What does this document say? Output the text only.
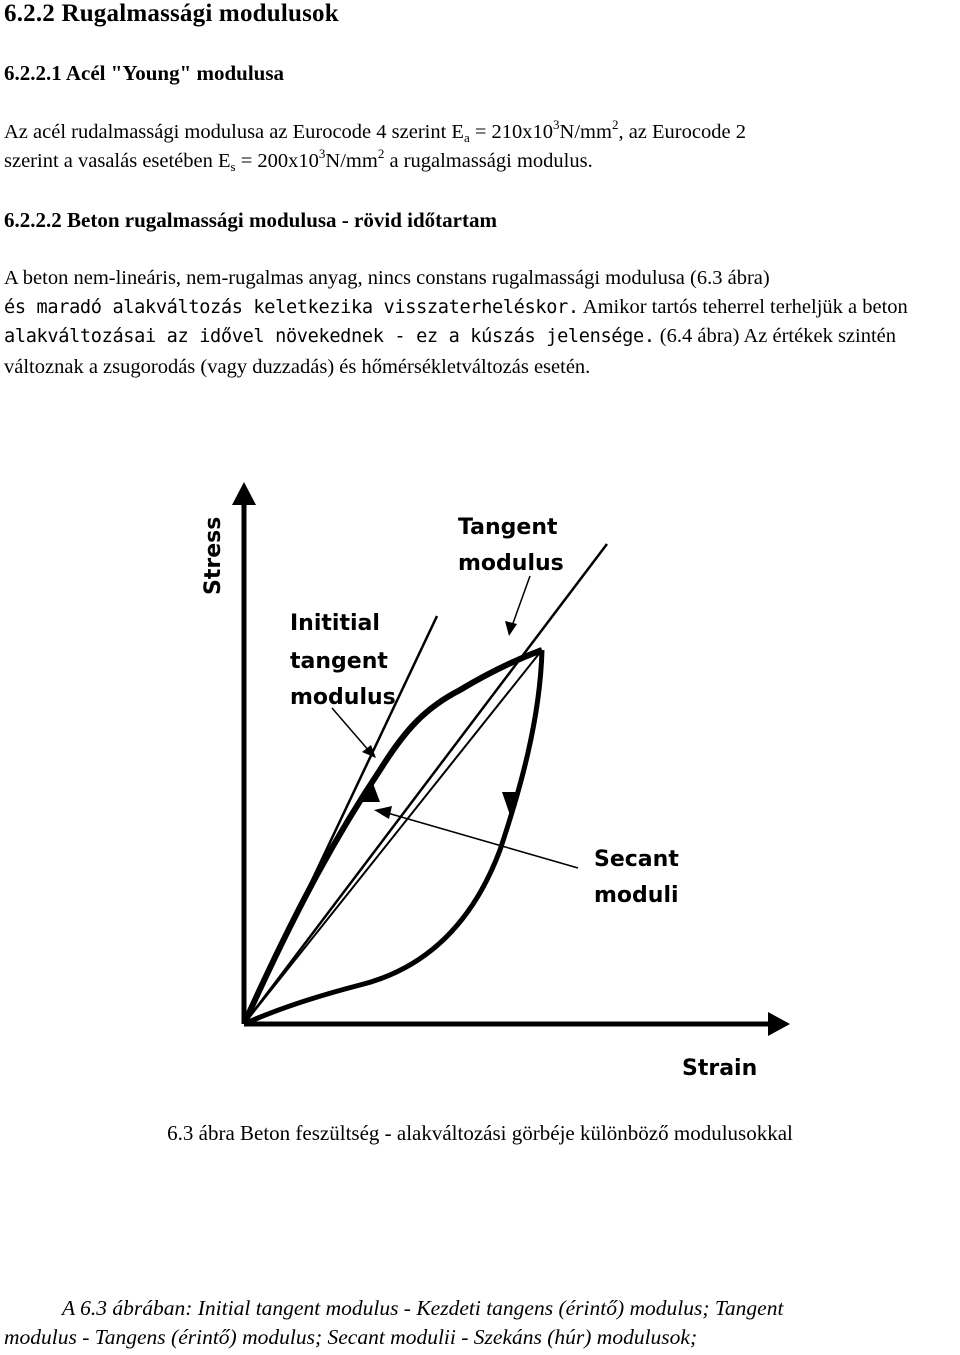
6.2.2 Rugalmassági modulusok
6.2.2.1 Acél "Young" modulusa
Az acél rudalmassági modulusa az Eurocode 4 szerint $E_a = 210x10^3N/mm^2$, az Eurocode 2
szerint a vasalás esetében $E_s = 200x10^3N/mm^2$ a rugalmassági modulus.
6.2.2.2 Beton rugalmassági modulusa - rövid időtartam
A beton nem-lineáris, nem-rugalmas anyag, nincs constans rugalmassági modulusa (6.3 ábra)
és maradó alakváltozás keletkezika visszaterheléskor. Amikor tartós teherrel terheljük a beton
alakváltozásai az idővel növekednek - ez a kúszás jelensége. (6.4 ábra) Az értékek szintén
változnak a zsugorodás (vagy duzzadás) és hőmérsékletváltozás esetén.
Stress
Strain
Tangent
modulus
Inititial
tangent
modulus
Secant
moduli
6.3 ábra Beton feszültség - alakváltozási görbéje különböző modulusokkal
A 6.3 ábrában: Initial tangent modulus - Kezdeti tangens (érintő) modulus; Tangent
modulus - Tangens (érintő) modulus; Secant modulii - Szekáns (húr) modulusok;
